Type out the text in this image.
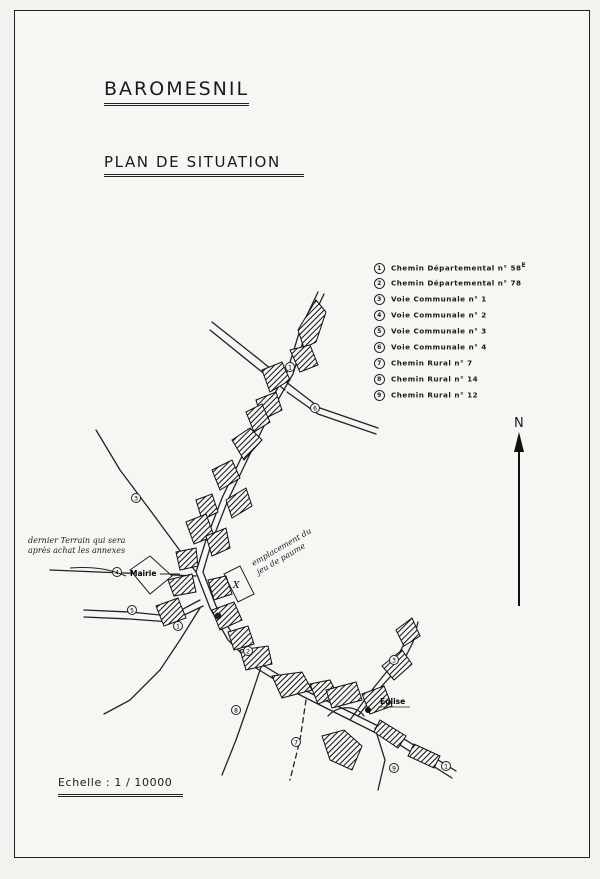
BAROMESNIL
PLAN DE SITUATION
1 Chemin Départemental n° $58^E$
2 Chemin Départemental n° 78
3 Voie Communale n° 1
4 Voie Communale n° 2
5 Voie Communale n° 3
6 Voie Communale n° 4
7 Chemin Rural n° 7
8 Chemin Rural n° 14
9 Chemin Rural n° 12
1
6
3
4
5
1
2
3
8
7
9	1
Mairie
Eglise
X
N
dernier Terrain qui sera après achat les annexes	emplacement du jeu de paume
Echelle : 1 / 10000
